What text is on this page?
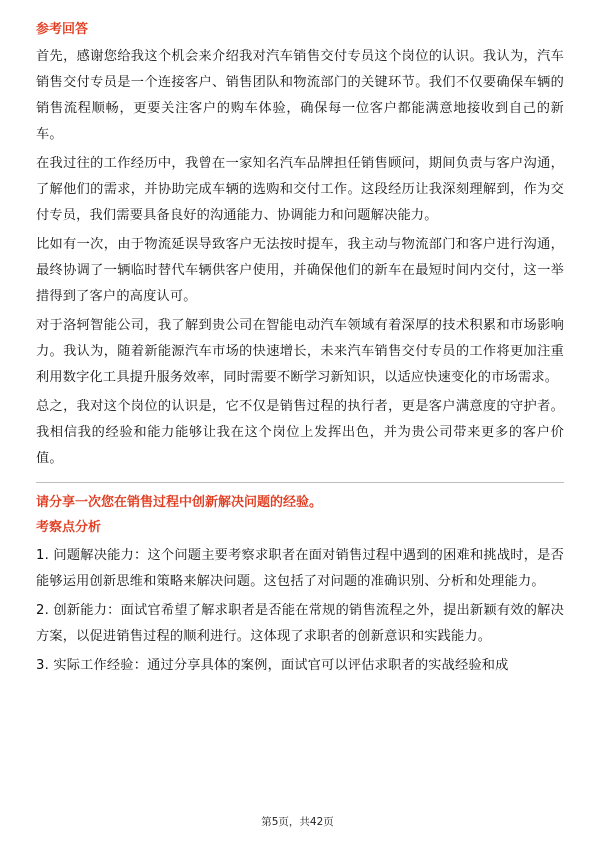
参考回答
首先，感谢您给我这个机会来介绍我对汽车销售交付专员这个岗位的认识。我认为，汽车销售交付专员是一个连接客户、销售团队和物流部门的关键环节。我们不仅要确保车辆的销售流程顺畅，更要关注客户的购车体验，确保每一位客户都能满意地接收到自己的新车。
在我过往的工作经历中，我曾在一家知名汽车品牌担任销售顾问，期间负责与客户沟通，了解他们的需求，并协助完成车辆的选购和交付工作。这段经历让我深刻理解到，作为交付专员，我们需要具备良好的沟通能力、协调能力和问题解决能力。
比如有一次，由于物流延误导致客户无法按时提车，我主动与物流部门和客户进行沟通，最终协调了一辆临时替代车辆供客户使用，并确保他们的新车在最短时间内交付，这一举措得到了客户的高度认可。
对于洛轲智能公司，我了解到贵公司在智能电动汽车领域有着深厚的技术积累和市场影响力。我认为，随着新能源汽车市场的快速增长，未来汽车销售交付专员的工作将更加注重利用数字化工具提升服务效率，同时需要不断学习新知识，以适应快速变化的市场需求。
总之，我对这个岗位的认识是，它不仅是销售过程的执行者，更是客户满意度的守护者。我相信我的经验和能力能够让我在这个岗位上发挥出色，并为贵公司带来更多的客户价值。
请分享一次您在销售过程中创新解决问题的经验。
考察点分析
1. 问题解决能力：这个问题主要考察求职者在面对销售过程中遇到的困难和挑战时，是否能够运用创新思维和策略来解决问题。这包括了对问题的准确识别、分析和处理能力。
2. 创新能力：面试官希望了解求职者是否能在常规的销售流程之外，提出新颖有效的解决方案，以促进销售过程的顺利进行。这体现了求职者的创新意识和实践能力。
3. 实际工作经验：通过分享具体的案例，面试官可以评估求职者的实战经验和成
第5页，共42页
